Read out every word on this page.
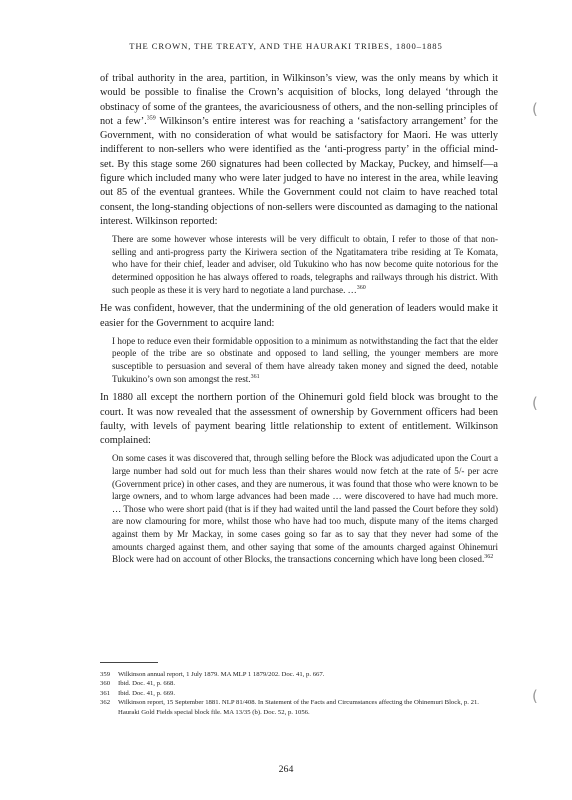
THE CROWN, THE TREATY, AND THE HAURAKI TRIBES, 1800–1885

of tribal authority in the area, partition, in Wilkinson’s view, was the only means by which it would be possible to finalise the Crown’s acquisition of blocks, long delayed ‘through the obstinacy of some of the grantees, the avariciousness of others, and the non-selling principles of not a few’.$^{359}$ Wilkinson’s entire interest was for reaching a ‘satisfactory arrangement’ for the Government, with no consideration of what would be satisfactory for Maori. He was utterly indifferent to non-sellers who were identified as the ‘anti-progress party’ in the official mind-set. By this stage some 260 signatures had been collected by Mackay, Puckey, and himself—a figure which included many who were later judged to have no interest in the area, while leaving out 85 of the eventual grantees. While the Government could not claim to have reached total consent, the long-standing objections of non-sellers were discounted as damaging to the national interest. Wilkinson reported:

There are some however whose interests will be very difficult to obtain, I refer to those of that non-selling and anti-progress party the Kiriwera section of the Ngatitamatera tribe residing at Te Komata, who have for their chief, leader and adviser, old Tukukino who has now become quite notorious for the determined opposition he has always offered to roads, telegraphs and railways through his district. With such people as these it is very hard to negotiate a land purchase. …$^{360}$

He was confident, however, that the undermining of the old generation of leaders would make it easier for the Government to acquire land:

I hope to reduce even their formidable opposition to a minimum as notwithstanding the fact that the elder people of the tribe are so obstinate and opposed to land selling, the younger members are more susceptible to persuasion and several of them have already taken money and signed the deed, notable Tukukino’s own son amongst the rest.$^{361}$

In 1880 all except the northern portion of the Ohinemuri gold field block was brought to the court. It was now revealed that the assessment of ownership by Government officers had been faulty, with levels of payment bearing little relationship to extent of entitlement. Wilkinson complained:

On some cases it was discovered that, through selling before the Block was adjudicated upon the Court a large number had sold out for much less than their shares would now fetch at the rate of 5/- per acre (Government price) in other cases, and they are numerous, it was found that those who were known to be large owners, and to whom large advances had been made … were discovered to have had much more. … Those who were short paid (that is if they had waited until the land passed the Court before they sold) are now clamouring for more, whilst those who have had too much, dispute many of the items charged against them by Mr Mackay, in some cases going so far as to say that they never had some of the amounts charged against them, and other saying that some of the amounts charged against Ohinemuri Block were had on account of other Blocks, the transactions concerning which have long been closed.$^{362}$

359	Wilkinson annual report, 1 July 1879. MA MLP 1 1879/202. Doc. 41, p. 667.
360	Ibid. Doc. 41, p. 668.
361	Ibid. Doc. 41, p. 669.
362	Wilkinson report, 15 September 1881. NLP 81/408. In Statement of the Facts and Circumstances affecting the Ohinemuri Block, p. 21. Hauraki Gold Fields special block file. MA 13/35 (b). Doc. 52, p. 1056.
264
(
(
(
